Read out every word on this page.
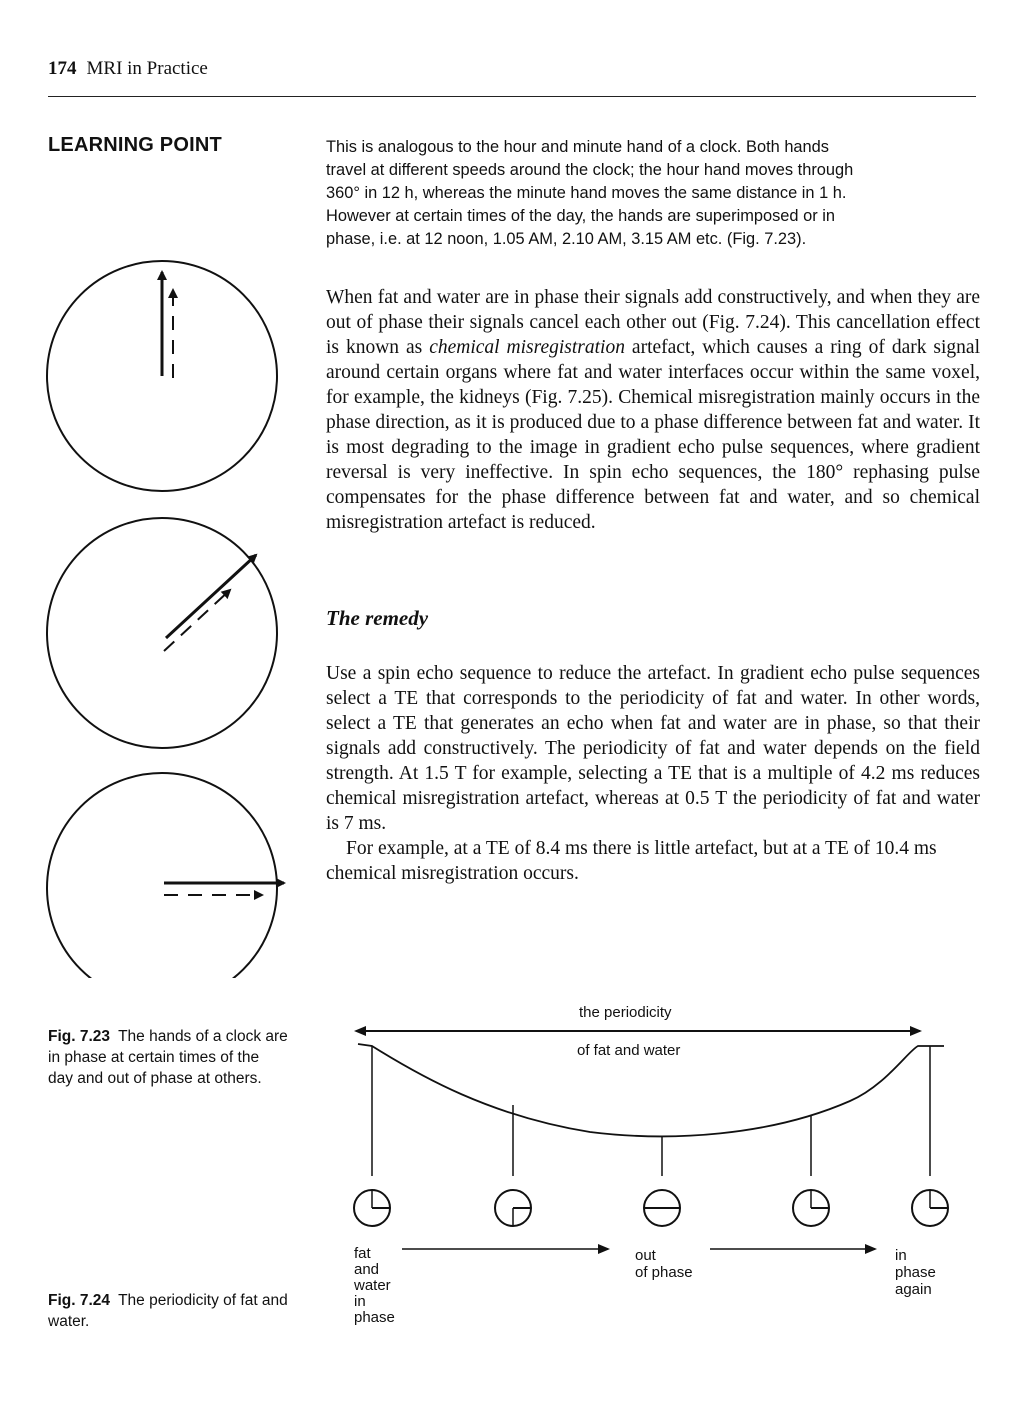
174 MRI in Practice
LEARNING POINT	This is analogous to the hour and minute hand of a clock. Both hands
travel at different speeds around the clock; the hour hand moves through
360° in 12 h, whereas the minute hand moves the same distance in 1 h.
However at certain times of the day, the hands are superimposed or in
phase, i.e. at 12 noon, 1.05 AM, 2.10 AM, 3.15 AM etc. (Fig. 7.23).
When fat and water are in phase their signals add constructively, and when they are out of phase their signals cancel each other out (Fig. 7.24). This cancellation effect is known as chemical misregistration artefact, which causes a ring of dark signal around certain organs where fat and water interfaces occur within the same voxel, for example, the kidneys (Fig. 7.25). Chemical misregistration mainly occurs in the phase direction, as it is produced due to a phase difference between fat and water. It is most degrading to the image in gradient echo pulse sequences, where gradient reversal is very ineffective. In spin echo sequences, the 180° rephasing pulse compensates for the phase difference between fat and water, and so chemical misregistration artefact is reduced.
The remedy
Use a spin echo sequence to reduce the artefact. In gradient echo pulse sequences select a TE that corresponds to the periodicity of fat and water. In other words, select a TE that generates an echo when fat and water are in phase, so that their signals add constructively. The periodicity of fat and water depends on the field strength. At 1.5 T for example, selecting a TE that is a multiple of 4.2 ms reduces chemical misregistration artefact, whereas at 0.5 T the periodicity of fat and water is 7 ms.
For example, at a TE of 8.4 ms there is little artefact, but at a TE of 10.4 ms chemical misregistration occurs.
Fig. 7.23 The hands of a clock are in phase at certain times of the day and out of phase at others.
the periodicity
of fat and water
fat and water in phase
out of phase
in phase again
Fig. 7.24 The periodicity of fat and water.
